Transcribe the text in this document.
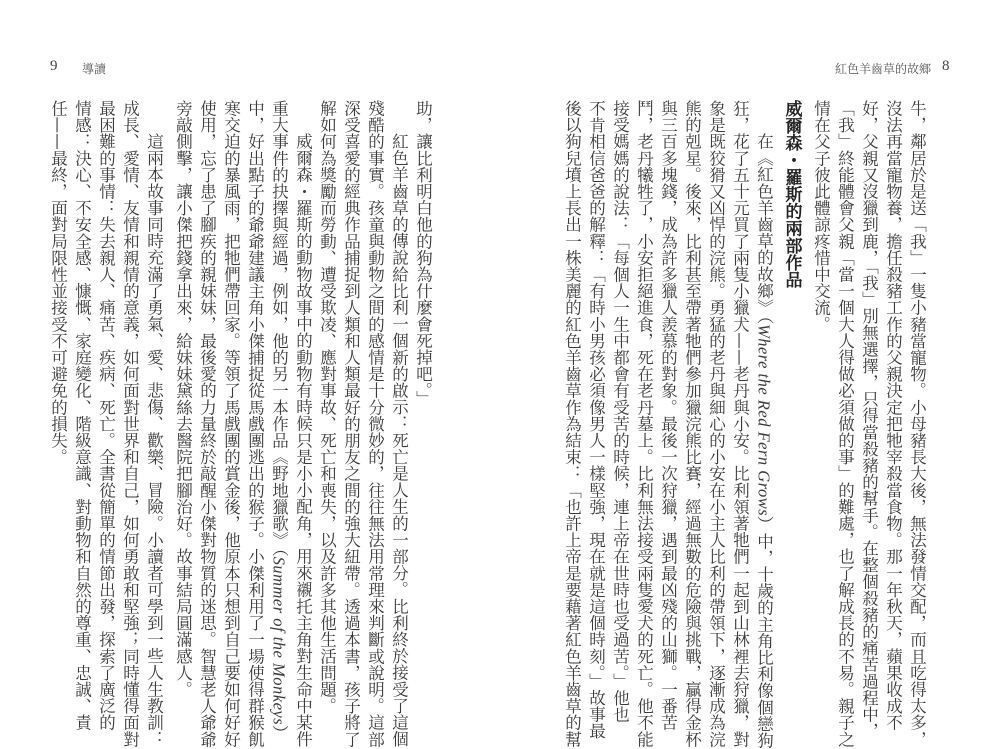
9 導讀
助，讓比利明白他的狗為什麼會死掉吧。」
紅色羊齒草的傳說給比利一個新的啟示：死亡是人生的一部分。比利終於接受了這個
殘酷的事實。孩童與動物之間的感情是十分微妙的，往往無法用常理來判斷或說明。這部
深受喜愛的經典作品捕捉到人類和人類最好的朋友之間的強大紐帶。透過本書，孩子將了
解如何為獎勵而勞動、遭受欺凌、應對事故、死亡和喪失，以及許多其他生活問題。
威爾森・羅斯的動物故事中的動物有時候只是小小配角，用來襯托主角對生命中某件
重大事件的抉擇與經過，例如，他的另一本作品《野地獵歌》（Summer of the Monkeys）
中，好出點子的爺爺建議主角小傑捕捉從馬戲團逃出的猴子。小傑利用了一場使得群猴飢
寒交迫的暴風雨，把牠們帶回家。等領了馬戲團的賞金後，他原本只想到自己要如何好好
使用，忘了患了腳疾的親妹妹，最後愛的力量終於敲醒小傑對物質的迷思。智慧老人爺爺
旁敲側擊，讓小傑把錢拿出來，給妹妹黛絲去醫院把腳治好。故事結局圓滿感人。
這兩本故事同時充滿了勇氣、愛、悲傷、歡樂、冒險。小讀者可學到一些人生教訓：
成長、愛情、友情和親情的意義，如何面對世界和自己，如何勇敢和堅強；同時懂得面對
最困難的事情：失去親人、痛苦、疾病、死亡。全書從簡單的情節出發，探索了廣泛的
情感：決心、不安全感、慷慨、家庭變化、階級意識、對動物和自然的尊重、忠誠、責
任——最終，面對局限性並接受不可避免的損失。
紅色羊齒草的故鄉 8
牛，鄰居於是送「我」一隻小豬當寵物。小母豬長大後，無法發情交配，而且吃得太多，
沒法再當寵物養，擔任殺豬工作的父親決定把牠宰殺當食物。那一年秋天，蘋果收成不
好，父親又沒獵到鹿，「我」別無選擇，只得當殺豬的幫手。在整個殺豬的痛苦過程中，
「我」終能體會父親「當一個大人得做必須做的事」的難處，也了解成長的不易。親子之
情在父子彼此體諒疼惜中交流。
威爾森・羅斯的兩部作品
在《紅色羊齒草的故鄉》（Where the Red Fern Grows）中，十歲的主角比利像個戀狗
狂，花了五十元買了兩隻小獵犬——老丹與小安。比利領著牠們一起到山林裡去狩獵，對
象是既狡猾又凶悍的浣熊。勇猛的老丹與細心的小安在小主人比利的帶領下，逐漸成為浣
熊的剋星。後來，比利甚至帶著牠們參加獵浣熊比賽，經過無數的危險與挑戰，贏得金杯
與三百多塊錢，成為許多獵人羨慕的對象。最後一次狩獵，遇到最凶殘的山獅。一番苦
鬥，老丹犧牲了，小安拒絕進食，死在老丹墓上。比利無法接受兩隻愛犬的死亡。他不能
接受媽媽的說法：「每個人一生中都會有受苦的時候，連上帝在世時也受過苦。」他也
不肯相信爸爸的解釋：「有時小男孩必須像男人一樣堅強，現在就是這個時刻。」故事最
後以狗兒墳上長出一株美麗的紅色羊齒草作為結束：「也許上帝是要藉著紅色羊齒草的幫
